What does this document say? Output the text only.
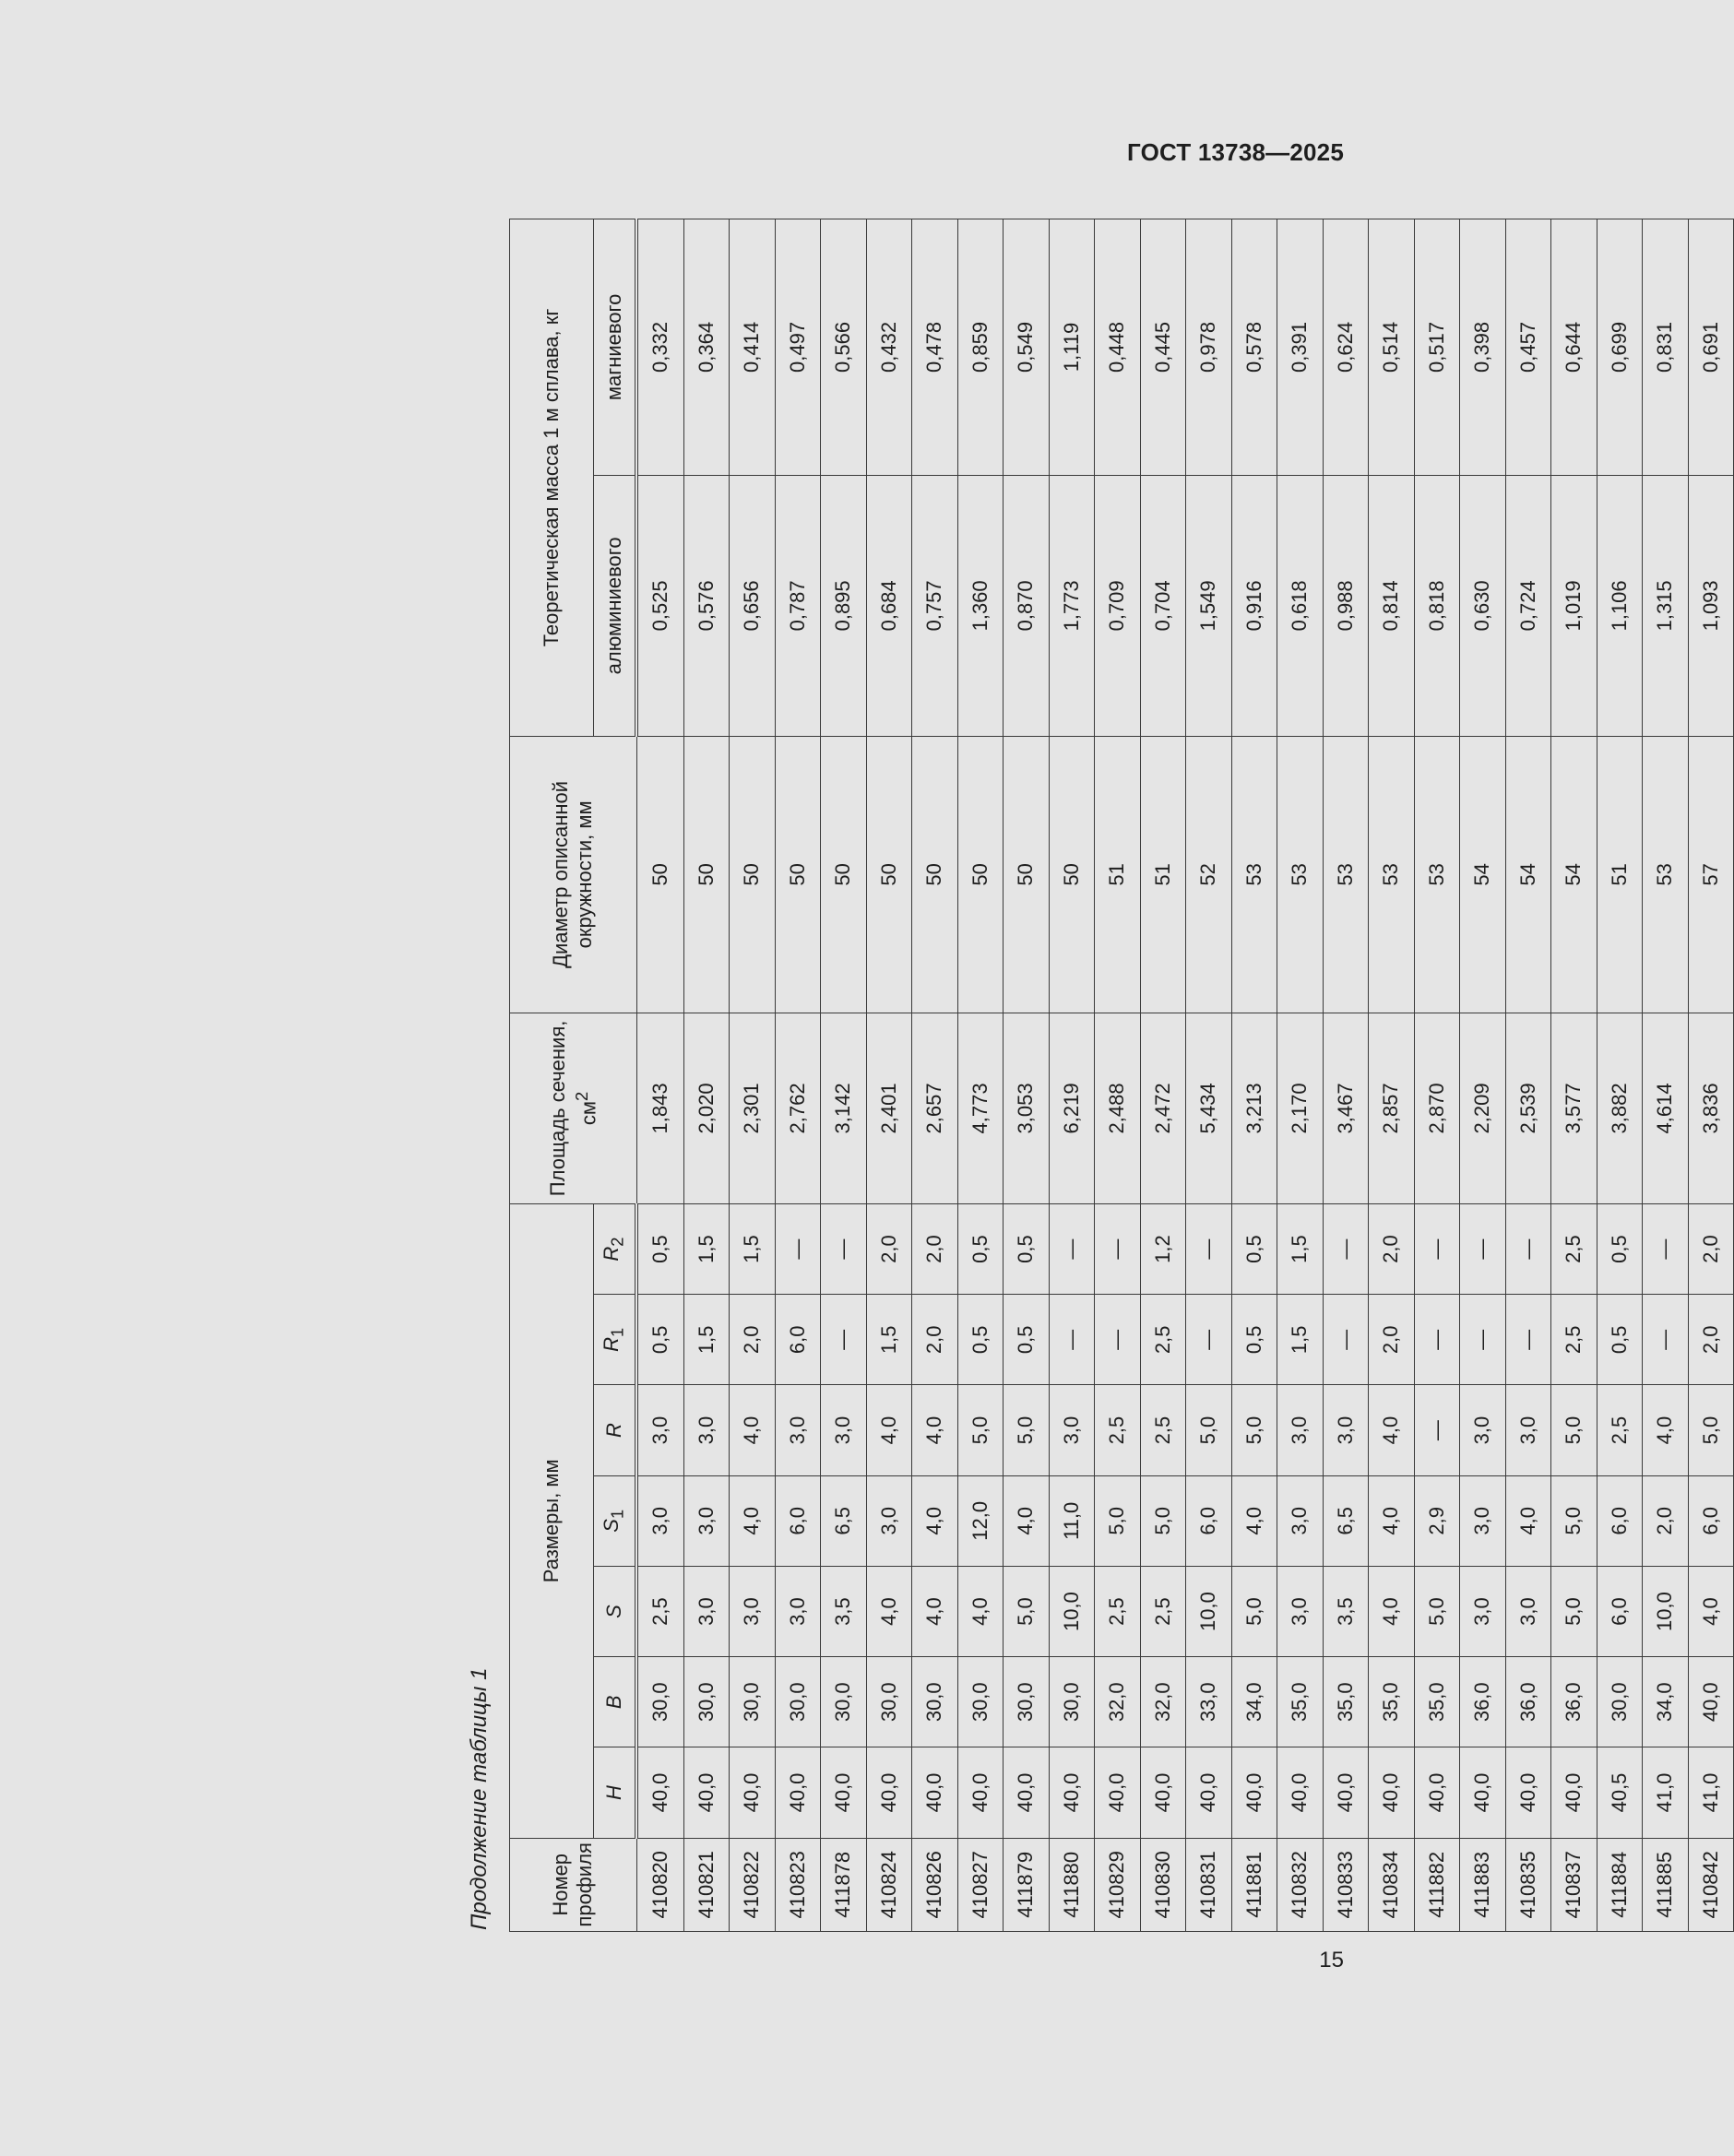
ГОСТ 13738—2025
Продолжение таблицы 1	Номер профиля	Размеры, мм							Площадь сечения, $см^2$	Диаметр описанной окружности, мм	Теоретическая масса 1 м сплава, кг	
	H	B	S	$S_1$	R	$R_1$	$R_2$			алюминиевого	магниевого
410820	40,0	30,0	2,5	3,0	3,0	0,5	0,5	1,843	50	0,525	0,332
410821	40,0	30,0	3,0	3,0	3,0	1,5	1,5	2,020	50	0,576	0,364
410822	40,0	30,0	3,0	4,0	4,0	2,0	1,5	2,301	50	0,656	0,414
410823	40,0	30,0	3,0	6,0	3,0	6,0	—	2,762	50	0,787	0,497
411878	40,0	30,0	3,5	6,5	3,0	—	—	3,142	50	0,895	0,566
410824	40,0	30,0	4,0	3,0	4,0	1,5	2,0	2,401	50	0,684	0,432
410826	40,0	30,0	4,0	4,0	4,0	2,0	2,0	2,657	50	0,757	0,478
410827	40,0	30,0	4,0	12,0	5,0	0,5	0,5	4,773	50	1,360	0,859
411879	40,0	30,0	5,0	4,0	5,0	0,5	0,5	3,053	50	0,870	0,549
411880	40,0	30,0	10,0	11,0	3,0	—	—	6,219	50	1,773	1,119
410829	40,0	32,0	2,5	5,0	2,5	—	—	2,488	51	0,709	0,448
410830	40,0	32,0	2,5	5,0	2,5	2,5	1,2	2,472	51	0,704	0,445
410831	40,0	33,0	10,0	6,0	5,0	—	—	5,434	52	1,549	0,978
411881	40,0	34,0	5,0	4,0	5,0	0,5	0,5	3,213	53	0,916	0,578
410832	40,0	35,0	3,0	3,0	3,0	1,5	1,5	2,170	53	0,618	0,391
410833	40,0	35,0	3,5	6,5	3,0	—	—	3,467	53	0,988	0,624
410834	40,0	35,0	4,0	4,0	4,0	2,0	2,0	2,857	53	0,814	0,514
411882	40,0	35,0	5,0	2,9	—	—	—	2,870	53	0,818	0,517
411883	40,0	36,0	3,0	3,0	3,0	—	—	2,209	54	0,630	0,398
410835	40,0	36,0	3,0	4,0	3,0	—	—	2,539	54	0,724	0,457
410837	40,0	36,0	5,0	5,0	5,0	2,5	2,5	3,577	54	1,019	0,644
411884	40,5	30,0	6,0	6,0	2,5	0,5	0,5	3,882	51	1,106	0,699
411885	41,0	34,0	10,0	2,0	4,0	—	—	4,614	53	1,315	0,831
410842	41,0	40,0	4,0	6,0	5,0	2,0	2,0	3,836	57	1,093	0,691
15
